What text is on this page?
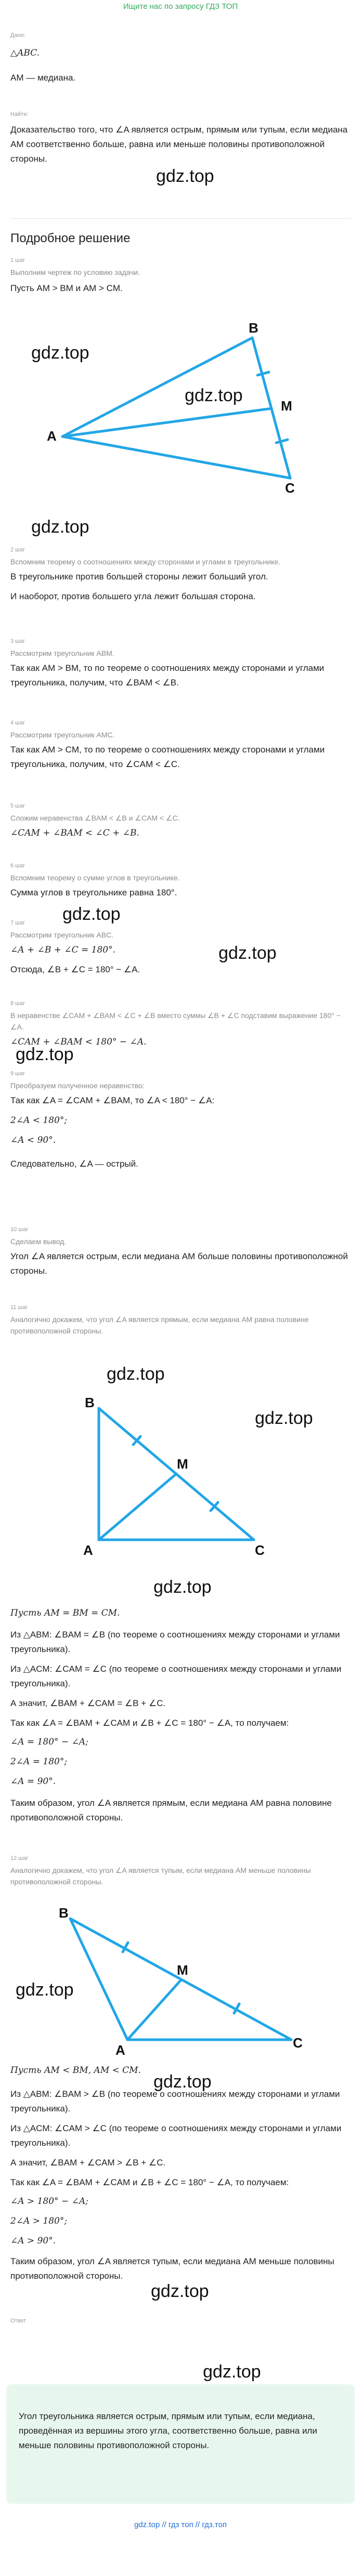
Ищите нас по запросу ГДЗ ТОП
Дано:
△ABC.
AM — медиана.
Найти:
Доказательство того, что ∠A является острым, прямым или тупым, если медиана AM соответственно больше, равна или меньше половины противоположной стороны.
gdz.top
Подробное решение
1 шаг
Выполним чертеж по условию задачи.
Пусть AM > BM и AM > CM.
gdz.top
gdz.top
A
B
M
C
gdz.top
2 шаг
Вспомним теорему о соотношениях между сторонами и углами в треугольнике.
В треугольнике против большей стороны лежит больший угол.
И наоборот, против большего угла лежит большая сторона.
3 шаг
Рассмотрим треугольник ABM.
Так как AM > BM, то по теореме о соотношениях между сторонами и углами треугольника, получим, что ∠BAM < ∠B.
4 шаг
Рассмотрим треугольник AMC.
Так как AM > CM, то по теореме о соотношениях между сторонами и углами треугольника, получим, что ∠CAM < ∠C.
5 шаг
Сложим неравенства ∠BAM < ∠B и ∠CAM < ∠C.
∠CAM + ∠BAM < ∠C + ∠B.
6 шаг
Вспомним теорему о сумме углов в треугольнике.
Сумма углов в треугольнике равна 180°.
gdz.top
gdz.top
7 шаг
Рассмотрим треугольник ABC.
∠A + ∠B + ∠C = 180°.
Отсюда, ∠B + ∠C = 180° − ∠A.
8 шаг
В неравенстве ∠CAM + ∠BAM < ∠C + ∠B вместо суммы ∠B + ∠C подставим выражение 180° − ∠A.
∠CAM + ∠BAM < 180° − ∠A.
gdz.top
9 шаг
Преобразуем полученное неравенство:
Так как ∠A = ∠CAM + ∠BAM, то ∠A < 180° − ∠A:
2∠A < 180°;
∠A < 90°.
Следовательно, ∠A — острый.
10 шаг
Сделаем вывод.
Угол ∠A является острым, если медиана AM больше половины противоположной стороны.
11 шаг
Аналогично докажем, что угол ∠A является прямым, если медиана AM равна половине противоположной стороны.
gdz.top
gdz.top
B
M
A	C
gdz.top
Пусть AM = BM = CM.
Из △ABM: ∠BAM = ∠B (по теореме о соотношениях между сторонами и углами треугольника).
Из △ACM: ∠CAM = ∠C (по теореме о соотношениях между сторонами и углами треугольника).
А значит, ∠BAM + ∠CAM = ∠B + ∠C.
Так как ∠A = ∠BAM + ∠CAM и ∠B + ∠C = 180° − ∠A, то получаем:
∠A = 180° − ∠A;
2∠A = 180°;
∠A = 90°.
Таким образом, угол ∠A является прямым, если медиана AM равна половине противоположной стороны.
12 шаг
Аналогично докажем, что угол ∠A является тупым, если медиана AM меньше половины противоположной стороны.
gdz.top
B
M
A	C
gdz.top
Пусть AM < BM, AM < CM.
Из △ABM: ∠BAM > ∠B (по теореме о соотношениях между сторонами и углами треугольника).
Из △ACM: ∠CAM > ∠C (по теореме о соотношениях между сторонами и углами треугольника).
А значит, ∠BAM + ∠CAM > ∠B + ∠C.
Так как ∠A = ∠BAM + ∠CAM и ∠B + ∠C = 180° − ∠A, то получаем:
∠A > 180° − ∠A;
2∠A > 180°;
∠A > 90°.
Таким образом, угол ∠A является тупым, если медиана AM меньше половины противоположной стороны.
gdz.top
Ответ
gdz.top
Угол треугольника является острым, прямым или тупым, если медиана, проведённая из вершины этого угла, соответственно больше, равна или меньше половины противоположной стороны.
gdz.top // гдз топ // гдз.топ
